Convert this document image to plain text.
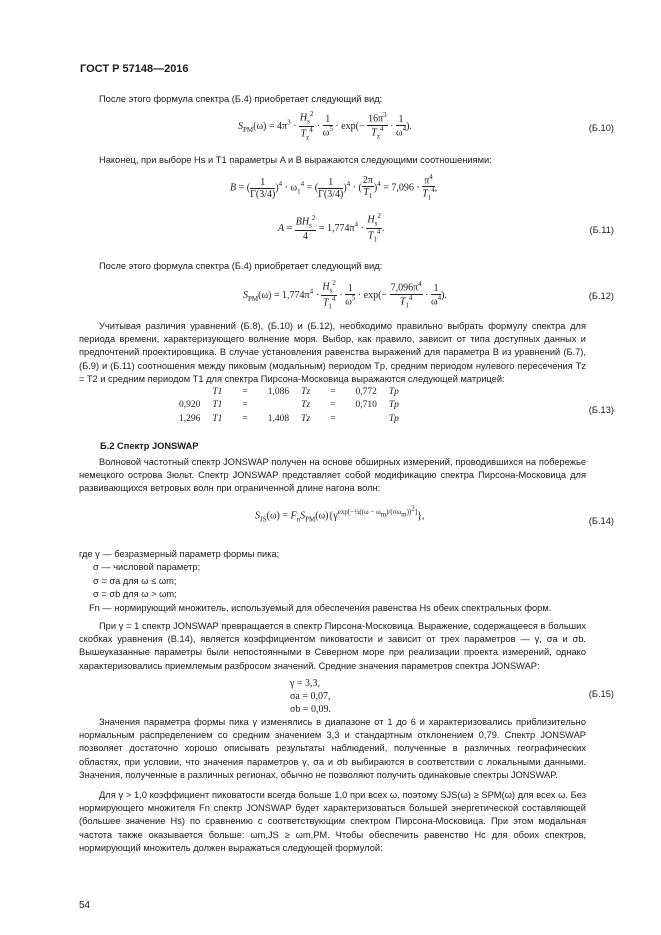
ГОСТ Р 57148—2016
После этого формула спектра (Б.4) приобретает следующий вид:
$S_{PM}(\omega) = 4\pi^3 \cdot \frac{H_s^2}{T_z^4} \cdot \frac{1}{\omega^5} \cdot \exp(- \frac{16\pi^3}{T_z^4} \cdot \frac{1}{\omega^4}$ ).	(Б.10)
Наконец, при выборе Hs и T1 параметры A и B выражаются следующими соотношениями:
B = ( $\frac{1}{\Gamma(3/4)} )^4 \cdot \omega_1^4$ = ( $\frac{1}{\Gamma(3/4)} )^4$ · ( $\frac{2\pi}{T_1} )^4 = 7,096 \cdot \frac{\pi^4}{T_1^4}$ ,
A =
$BH_s^2$
4
= $1,774\pi^4 \cdot \frac{H_s^2}{T_1^4}$ .	(Б.11)
После этого формула спектра (Б.4) приобретает следующий вид:
$S_{PM}(\omega) = 1,774\pi^4 \cdot \frac{H_s^2}{T_1^4} \cdot \frac{1}{\omega^5} \cdot \exp(- \frac{7,096\pi^4}{T_1^4} \cdot \frac{1}{\omega^4}$ ).	(Б.12)
Учитывая различия уравнений (Б.8), (Б.10) и (Б.12), необходимо правильно выбрать формулу спектра для периода времени, характеризующего волнение моря. Выбор, как правило, зависит от типа доступных данных и предпочтений проектировщика. В случае установления равенства выражений для параметра B из уравнений (Б.7), (Б.9) и (Б.11) соотношения между пиковым (модальным) периодом Tp, средним периодом нулевого пересечения Tz = T2 и средним периодом T1 для спектра Пирсона-Московица выражаются следующей матрицей:
	T1	=	1,086	Tz	=	0,772	Tp
0,920	T1	=		Tz	=	0,710	Tp
1,296	T1	=	1,408	Tz	=		Tp
(Б.13)
Б.2 Спектр JONSWAP
Волновой частотный спектр JONSWAP получен на основе обширных измерений, проводившихся на побережье немецкого острова Зюльт. Спектр JONSWAP представляет собой модификацию спектра Пирсона-Московица для развивающихся ветровых волн при ограниченной длине нагона волн:
$S_{JS}(\omega) = F_nS_{PM}(\omega)\{\gamma^{exp[-\frac{1}{2}((\omega - \omega_m)/(\sigma\omega_m))^2]}\}$,	(Б.14)
где γ — безразмерный параметр формы пика;
σ — числовой параметр;
σ = σa для ω ≤ ωm;
σ = σb для ω > ωm;
Fn — нормирующий множитель, используемый для обеспечения равенства Hs обеих спектральных форм.
При γ = 1 спектр JONSWAP превращается в спектр Пирсона-Московица. Выражение, содержащееся в больших скобках уравнения (В.14), является коэффициентом пиковатости и зависит от трех параметров — γ, σa и σb. Вышеуказанные параметры были непостоянными в Северном море при реализации проекта измерений, однако характеризовались приемлемым разбросом значений. Средние значения параметров спектра JONSWAP:
γ = 3,3,
σa = 0,07,
σb = 0,09.
(Б.15)
Значения параметра формы пика γ изменялись в диапазоне от 1 до 6 и характеризовались приблизительно нормальным распределением со средним значением 3,3 и стандартным отклонением 0,79. Спектр JONSWAP позволяет достаточно хорошо описывать результаты наблюдений, полученные в различных географических областях, при условии, что значения параметров γ, σa и σb выбираются в соответствии с локальными данными. Значения, полученные в различных регионах, обычно не позволяют получить одинаковые спектры JONSWAP.
Для γ > 1,0 коэффициент пиковатости всегда больше 1,0 при всех ω, поэтому SJS(ω) ≥ SPM(ω) для всех ω. Без нормирующего множителя Fn спектр JONSWAP будет характеризоваться большей энергетической составляющей (большее значение Hs) по сравнению с соответствующим спектром Пирсона-Московица. При этом модальная частота также оказывается больше: ωm,JS ≥ ωm,PM. Чтобы обеспечить равенство Hc для обоих спектров, нормирующий множитель должен выражаться следующей формулой:
54
